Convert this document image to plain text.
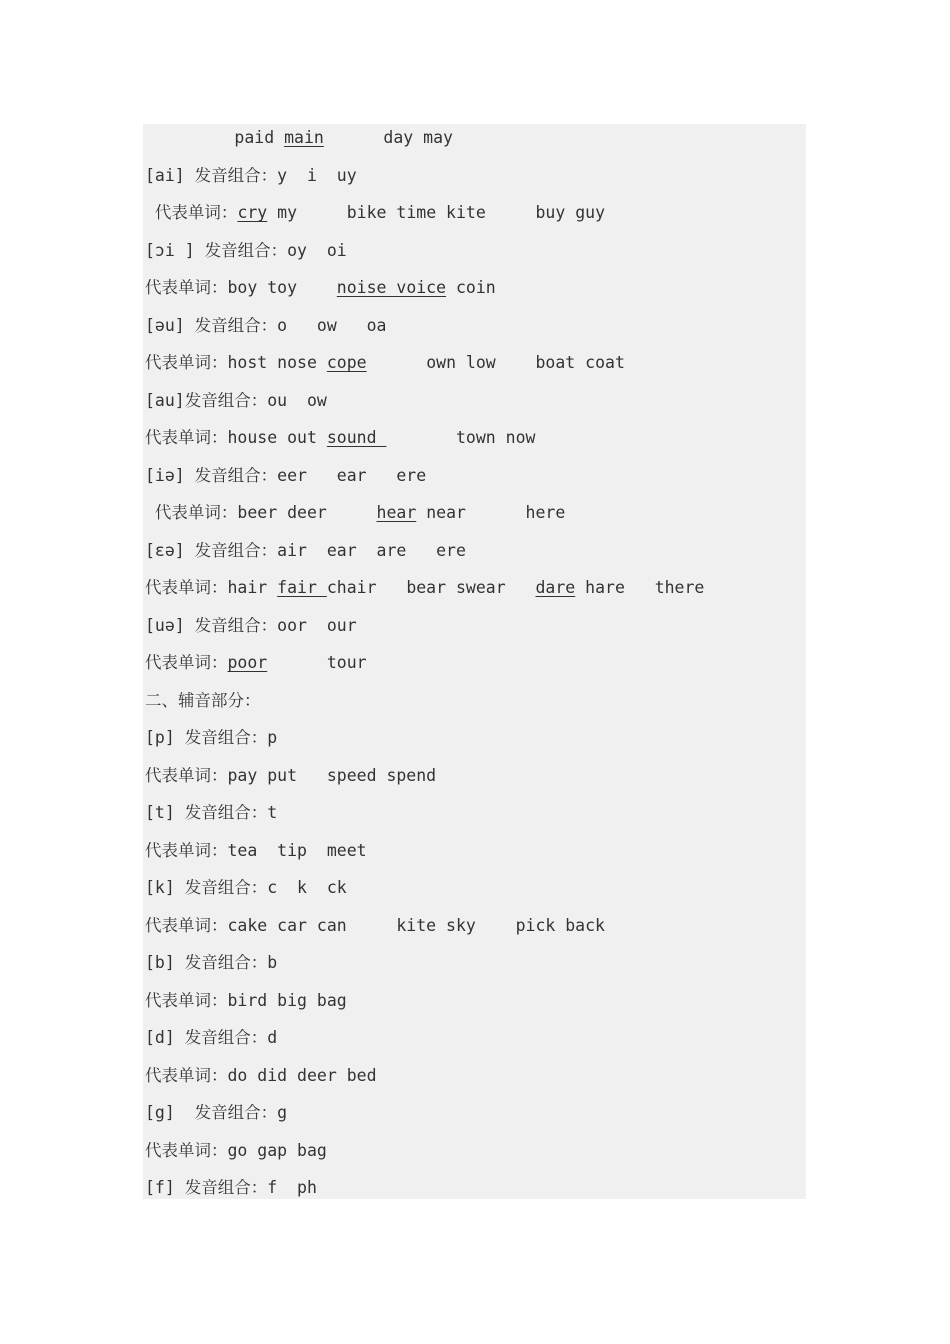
paid main      day may
[ai] 发音组合：y  i  uy
代表单词：cry my     bike time kite     buy guy
[ɔi ] 发音组合：oy  oi
代表单词：boy toy    noise voice coin
[əu] 发音组合：o   ow   oa
代表单词：host nose cope      own low    boat coat
[au]发音组合：ou  ow
代表单词：house out sound        town now
[iə] 发音组合：eer   ear   ere
代表单词：beer deer     hear near      here
[ɛə] 发音组合：air  ear  are   ere
代表单词：hair fair chair   bear swear   dare hare   there
[uə] 发音组合：oor  our
代表单词：poor      tour
二、辅音部分：
[p] 发音组合：p
代表单词：pay put   speed spend
[t] 发音组合：t
代表单词：tea  tip  meet
[k] 发音组合：c  k  ck
代表单词：cake car can     kite sky    pick back
[b] 发音组合：b
代表单词：bird big bag
[d] 发音组合：d
代表单词：do did deer bed
[g]  发音组合：g
代表单词：go gap bag
[f] 发音组合：f  ph
